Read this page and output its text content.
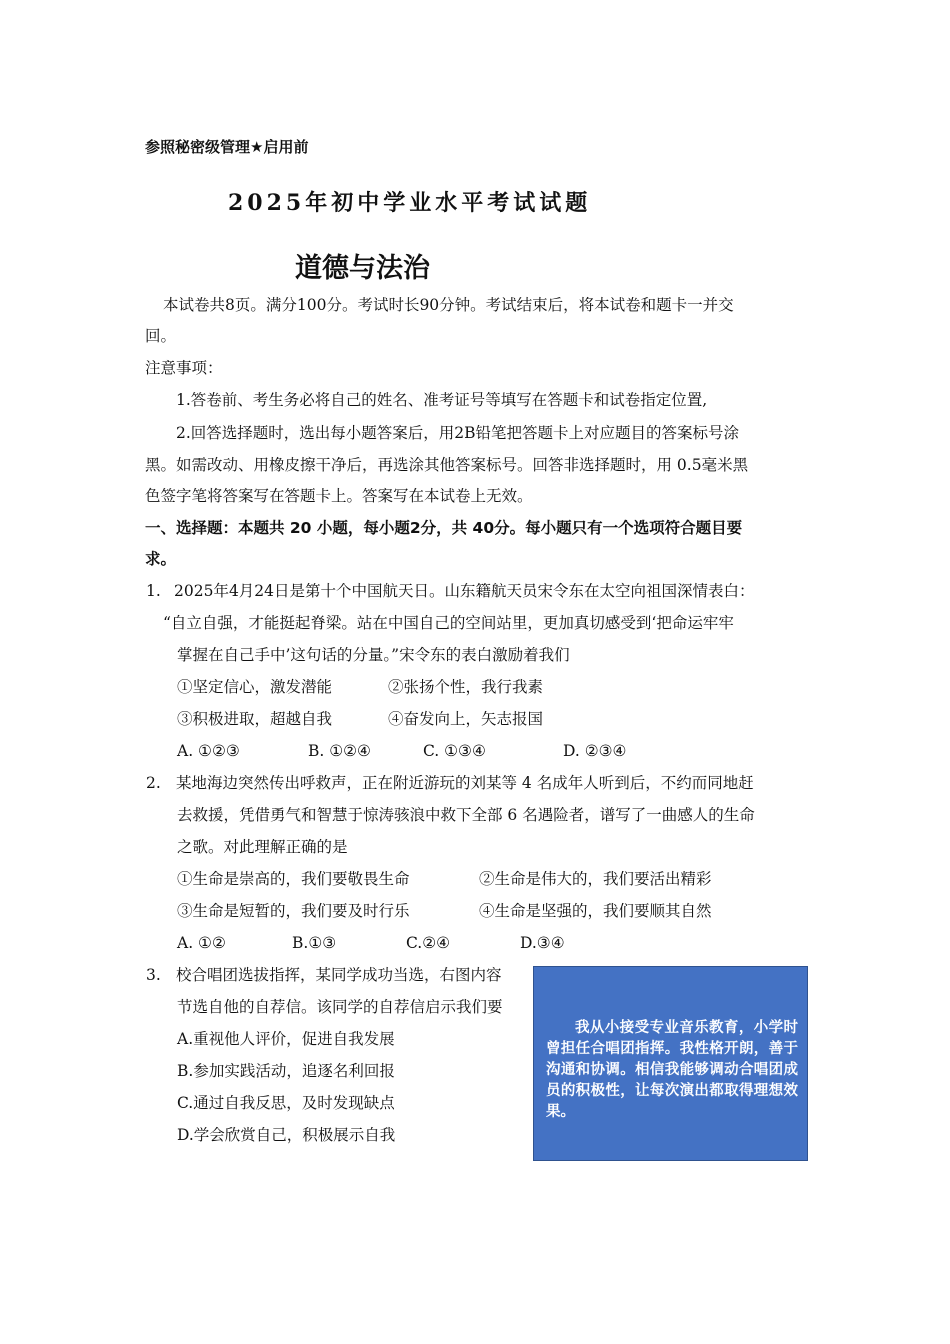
参照秘密级管理★启用前
2025年初中学业水平考试试题
道德与法治
本试卷共8页。满分100分。考试时长90分钟。考试结束后，将本试卷和题卡一并交
回。
注意事项：
1.答卷前、考生务必将自己的姓名、准考证号等填写在答题卡和试卷指定位置,
2.回答选择题时，选出每小题答案后，用2B铅笔把答题卡上对应题目的答案标号涂
黑。如需改动、用橡皮擦干净后，再选涂其他答案标号。回答非选择题时，用 0.5毫米黑
色签字笔将答案写在答题卡上。答案写在本试卷上无效。
一、选择题：本题共 20 小题，每小题2分，共 40分。每小题只有一个选项符合题目要
求。
1. 2025年4月24日是第十个中国航天日。山东籍航天员宋令东在太空向祖国深情表白：
“自立自强，才能挺起脊梁。站在中国自己的空间站里，更加真切感受到‘把命运牢牢
掌握在自己手中’这句话的分量。”宋令东的表白激励着我们
①坚定信心，激发潜能	②张扬个性，我行我素
③积极进取，超越自我	④奋发向上，矢志报国
A. ①②③	B. ①②④	C. ①③④	D. ②③④
2. 某地海边突然传出呼救声，正在附近游玩的刘某等 4 名成年人听到后，不约而同地赶
去救援，凭借勇气和智慧于惊涛骇浪中救下全部 6 名遇险者，谱写了一曲感人的生命
之歌。对此理解正确的是
①生命是崇高的，我们要敬畏生命	②生命是伟大的，我们要活出精彩
③生命是短暂的，我们要及时行乐	④生命是坚强的，我们要顺其自然
A. ①②	B.①③	C.②④	D.③④
3. 校合唱团选拔指挥，某同学成功当选，右图内容
节选自他的自荐信。该同学的自荐信启示我们要
A.重视他人评价，促进自我发展
B.参加实践活动，追逐名利回报
C.通过自我反思，及时发现缺点
D.学会欣赏自己，积极展示自我
我从小接受专业音乐教育，小学时曾担任合唱团指挥。我性格开朗，善于沟通和协调。相信我能够调动合唱团成员的积极性，让每次演出都取得理想效果。
